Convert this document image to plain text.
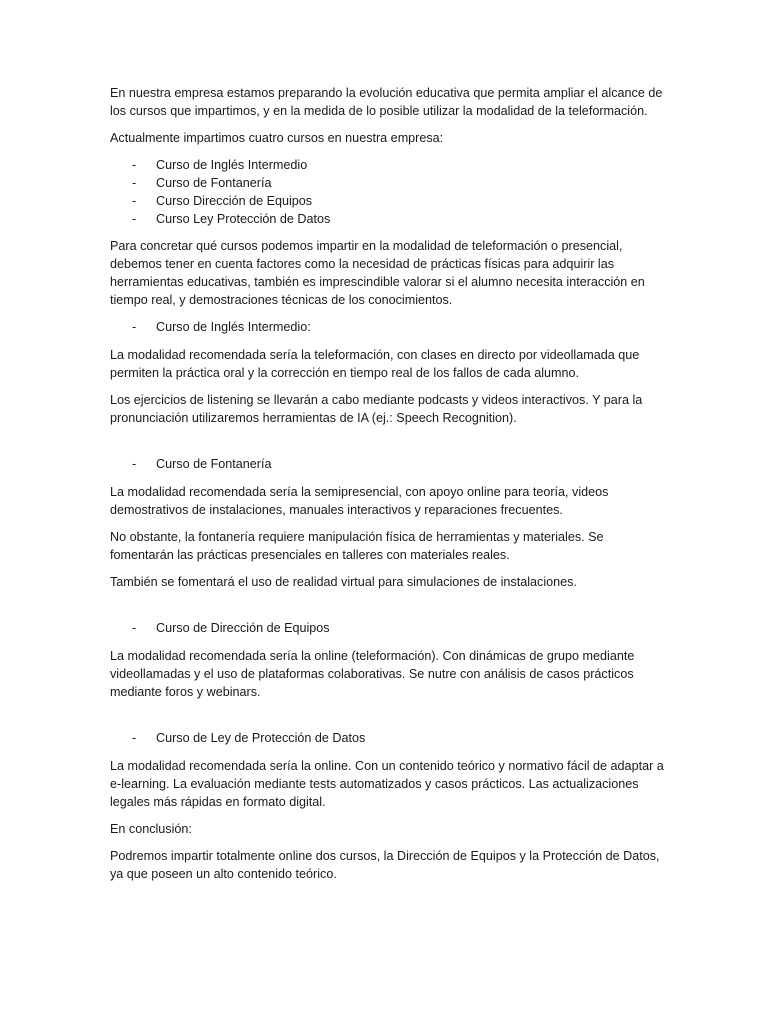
En nuestra empresa estamos preparando la evolución educativa que permita ampliar el alcance de los cursos que impartimos, y en la medida de lo posible utilizar la modalidad de la teleformación.

Actualmente impartimos cuatro cursos en nuestra empresa:

- Curso de Inglés Intermedio
- Curso de Fontanería
- Curso Dirección de Equipos
- Curso Ley Protección de Datos

Para concretar qué cursos podemos impartir en la modalidad de teleformación o presencial, debemos tener en cuenta factores como la necesidad de prácticas físicas para adquirir las herramientas educativas, también es imprescindible valorar si el alumno necesita interacción en tiempo real, y demostraciones técnicas de los conocimientos.

- Curso de Inglés Intermedio:

La modalidad recomendada sería la teleformación, con clases en directo por videollamada que permiten la práctica oral y la corrección en tiempo real de los fallos de cada alumno.

Los ejercicios de listening se llevarán a cabo mediante podcasts y videos interactivos. Y para la pronunciación utilizaremos herramientas de IA (ej.: Speech Recognition).

- Curso de Fontanería

La modalidad recomendada sería la semipresencial, con apoyo online para teoría, videos demostrativos de instalaciones, manuales interactivos y reparaciones frecuentes.

No obstante, la fontanería requiere manipulación física de herramientas y materiales. Se fomentarán las prácticas presenciales en talleres con materiales reales.

También se fomentará el uso de realidad virtual para simulaciones de instalaciones.

- Curso de Dirección de Equipos

La modalidad recomendada sería la online (teleformación). Con dinámicas de grupo mediante videollamadas y el uso de plataformas colaborativas. Se nutre con análisis de casos prácticos mediante foros y webinars.

- Curso de Ley de Protección de Datos

La modalidad recomendada sería la online. Con un contenido teórico y normativo fácil de adaptar a e-learning. La evaluación mediante tests automatizados y casos prácticos. Las actualizaciones legales más rápidas en formato digital.

En conclusión:

Podremos impartir totalmente online dos cursos, la Dirección de Equipos y la Protección de Datos, ya que poseen un alto contenido teórico.
